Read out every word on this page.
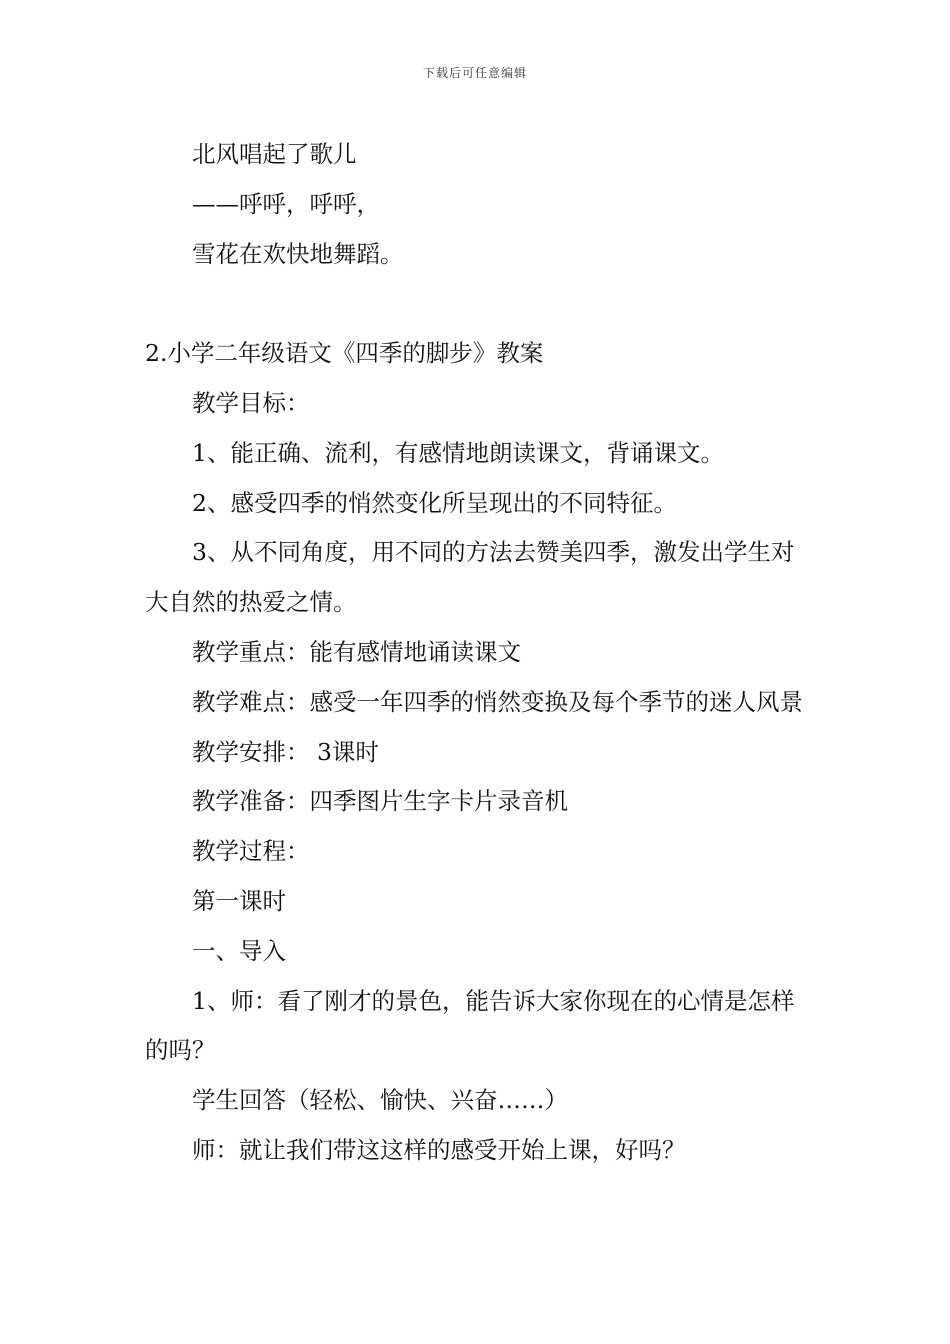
下载后可任意编辑

北风唱起了歌儿

——呼呼，呼呼，

雪花在欢快地舞蹈。

2.小学二年级语文《四季的脚步》教案

教学目标：

1、能正确、流利，有感情地朗读课文，背诵课文。

2、感受四季的悄然变化所呈现出的不同特征。

3、从不同角度，用不同的方法去赞美四季，激发出学生对大自然的热爱之情。

教学重点：能有感情地诵读课文

教学难点：感受一年四季的悄然变换及每个季节的迷人风景

教学安排： 3课时

教学准备：四季图片生字卡片录音机

教学过程：

第一课时

一、导入

1、师：看了刚才的景色，能告诉大家你现在的心情是怎样的吗？

学生回答（轻松、愉快、兴奋……）

师：就让我们带这这样的感受开始上课，好吗？
